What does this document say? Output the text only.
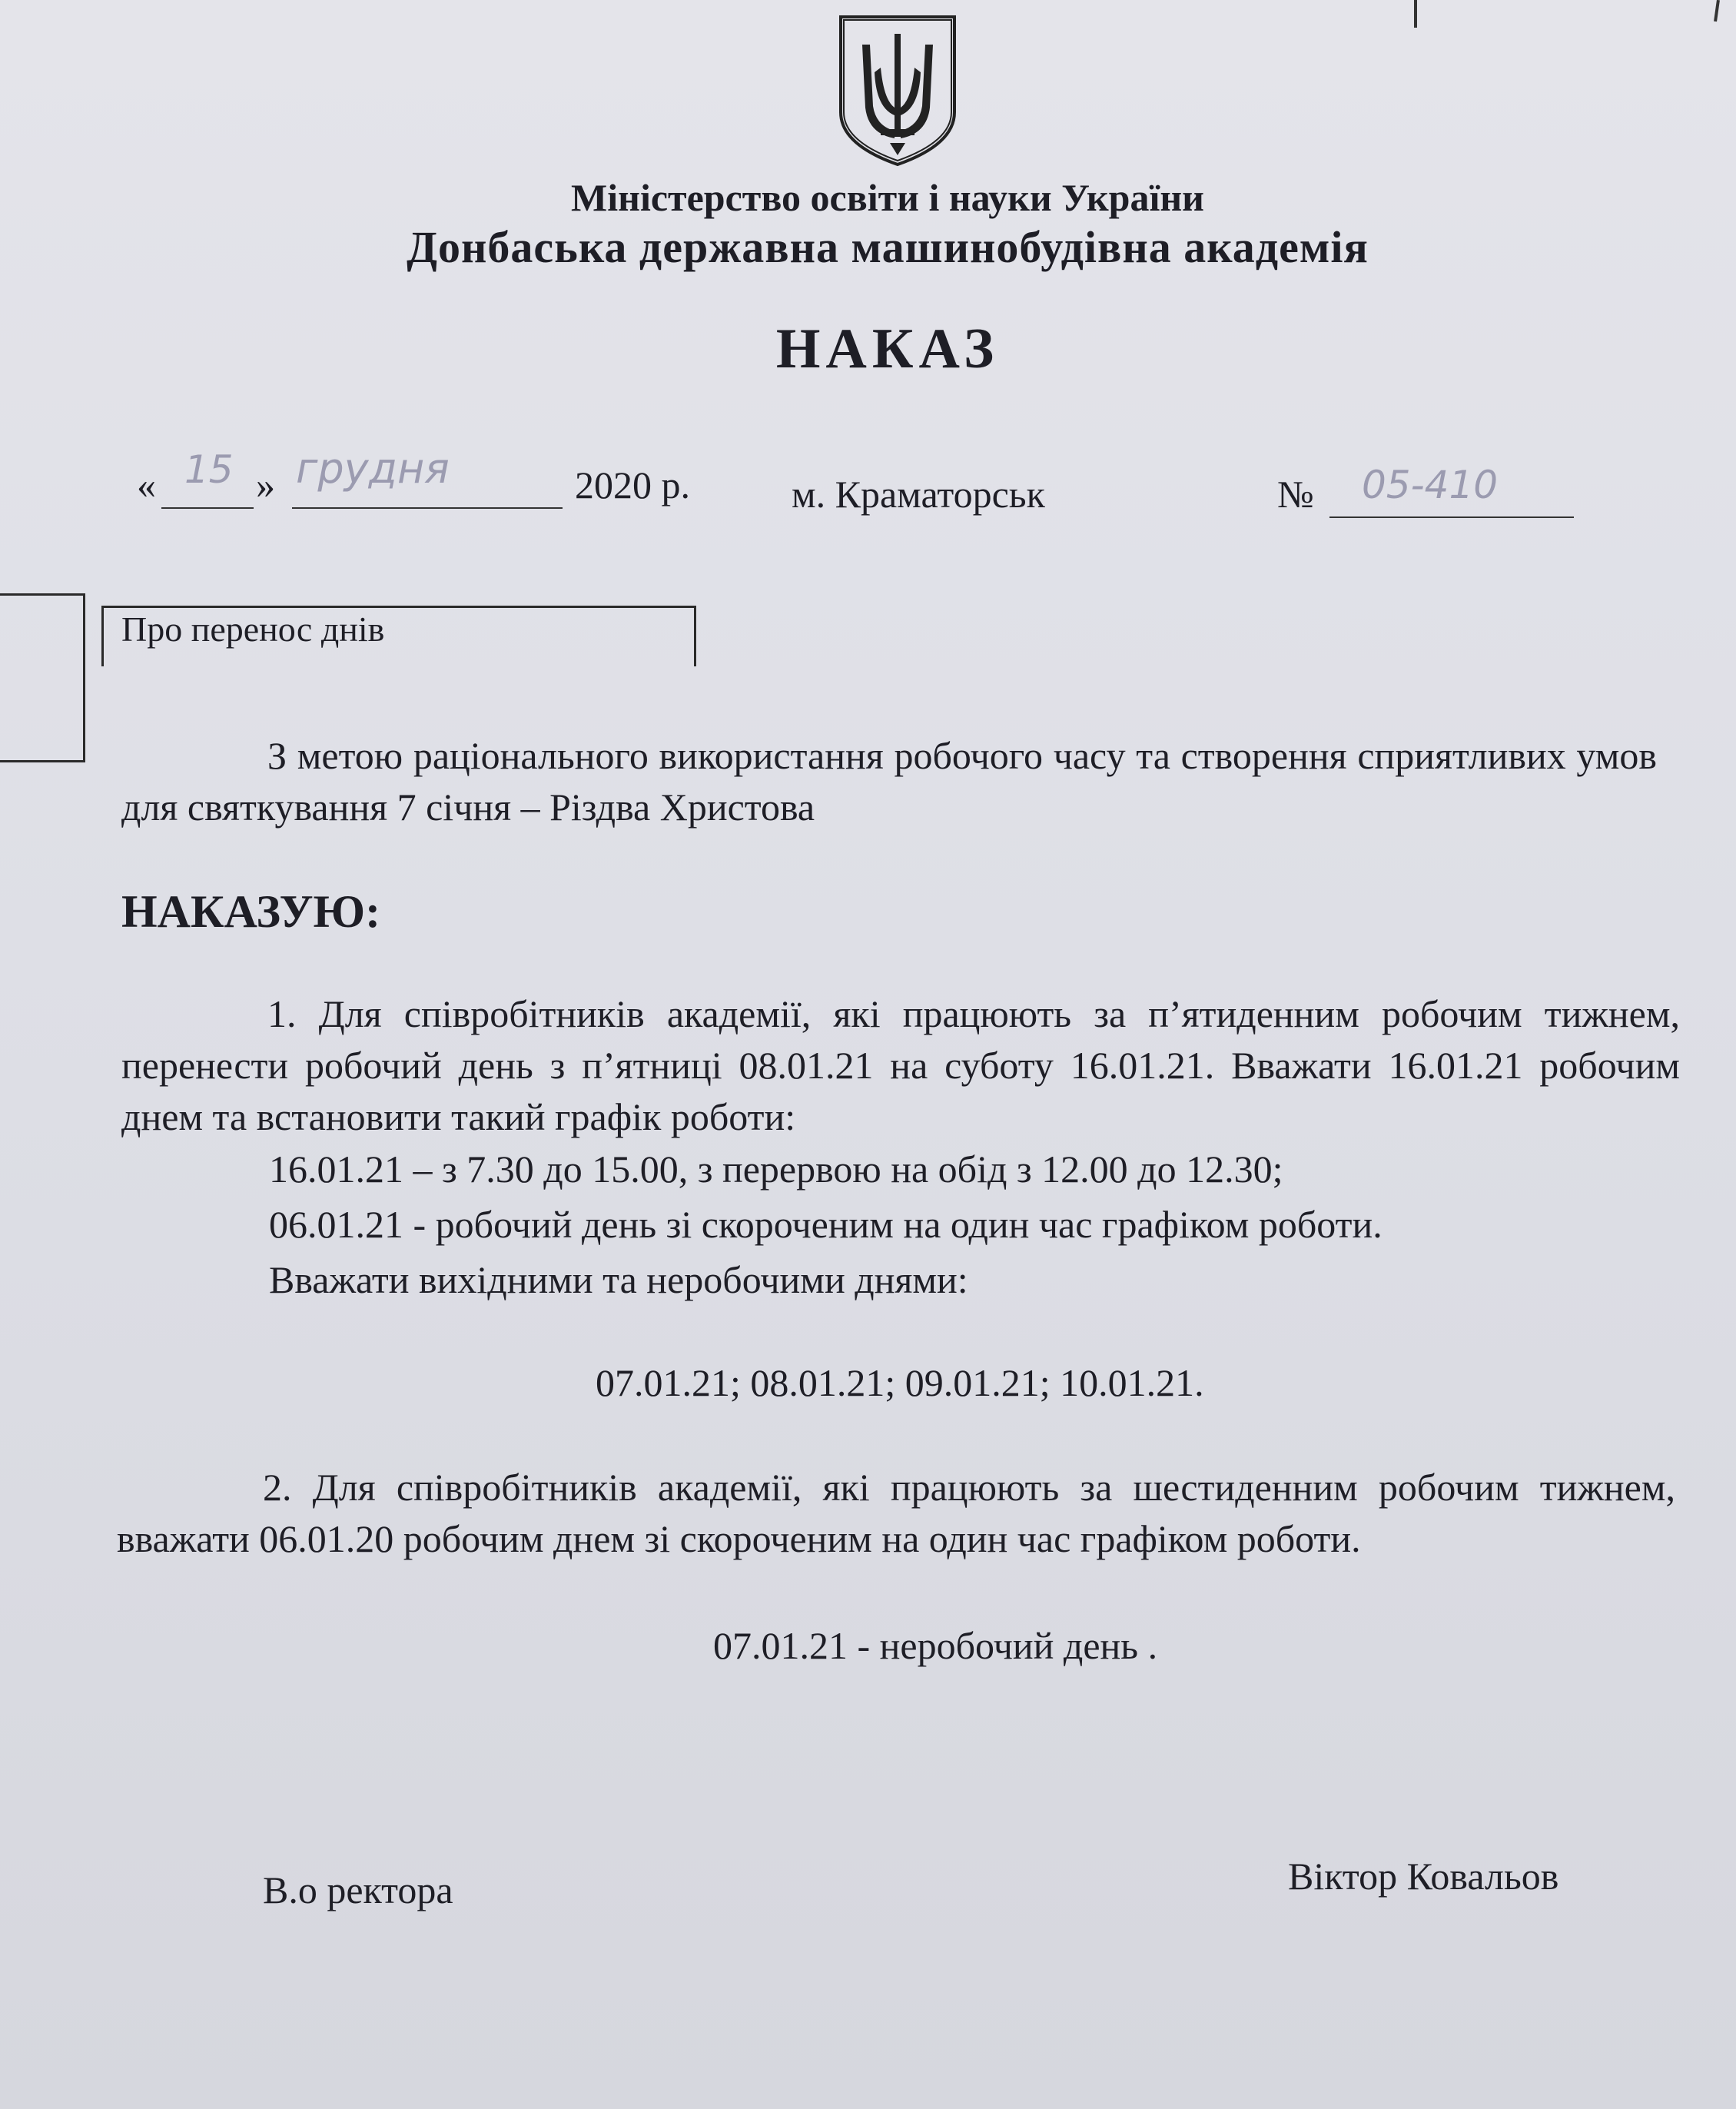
Міністерство освіти і науки України
Донбаська державна машинобудівна академія
НАКАЗ
« 15 » грудня	2020 р.	м. Краматорськ	№ 05-410
Про перенос днів
З метою раціонального використання робочого часу та створення сприятливих умов для святкування 7 січня – Різдва Христова
НАКАЗУЮ:
1. Для співробітників академії, які працюють за п’ятиденним робочим тижнем, перенести робочий день з п’ятниці 08.01.21 на суботу 16.01.21. Вважати 16.01.21 робочим днем та встановити такий графік роботи:
16.01.21 – з 7.30 до 15.00, з перервою на обід з 12.00 до 12.30;
06.01.21 - робочий день зі скороченим на один час графіком роботи.
Вважати вихідними та неробочими днями:
07.01.21; 08.01.21; 09.01.21; 10.01.21.
2. Для співробітників академії, які працюють за шестиденним робочим тижнем, вважати 06.01.20 робочим днем зі скороченим на один час графіком роботи.
07.01.21 - неробочий день .
В.о ректора	Віктор Ковальов
